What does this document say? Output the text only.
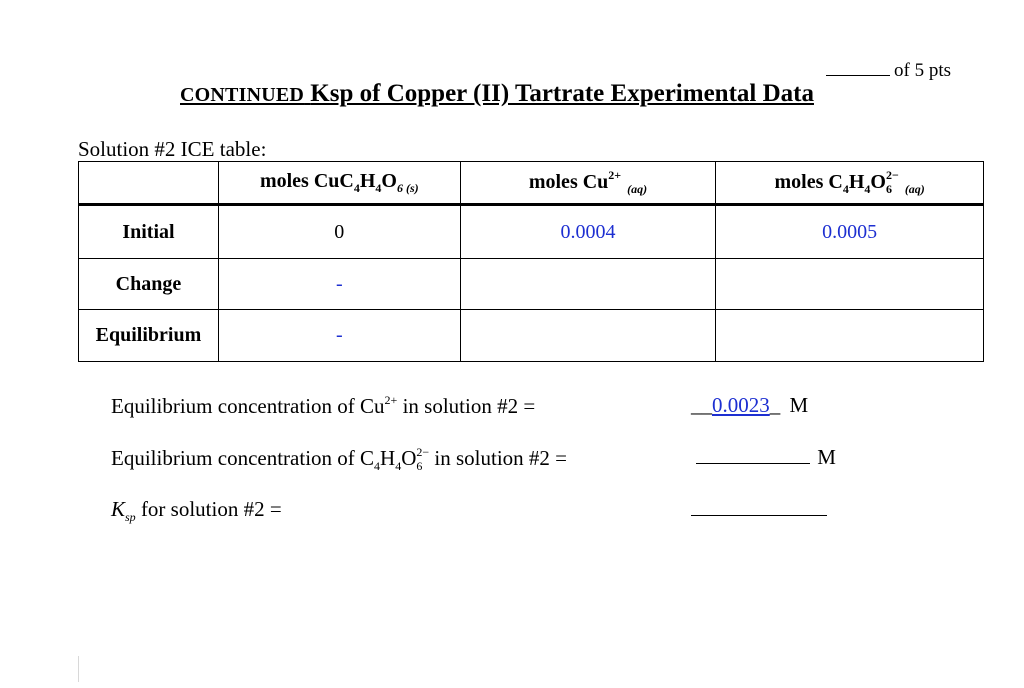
of 5 pts
CONTINUED Ksp of Copper (II) Tartrate Experimental Data
Solution #2 ICE table:
	moles $CuC_4H_4O_{6 (s)}$	moles $Cu^{2+}_{(aq)}$	moles $C_4H_4O_6^{2-}_{(aq)}$
Initial	0	0.0004	0.0005
Change	-		
Equilibrium	-		
Equilibrium concentration of $Cu^{2+}$ in solution #2 =	__0.0023_ M
Equilibrium concentration of $C_4H_4O_6^{2-}$ in solution #2 =	M
$K_{sp}$ for solution #2 =
